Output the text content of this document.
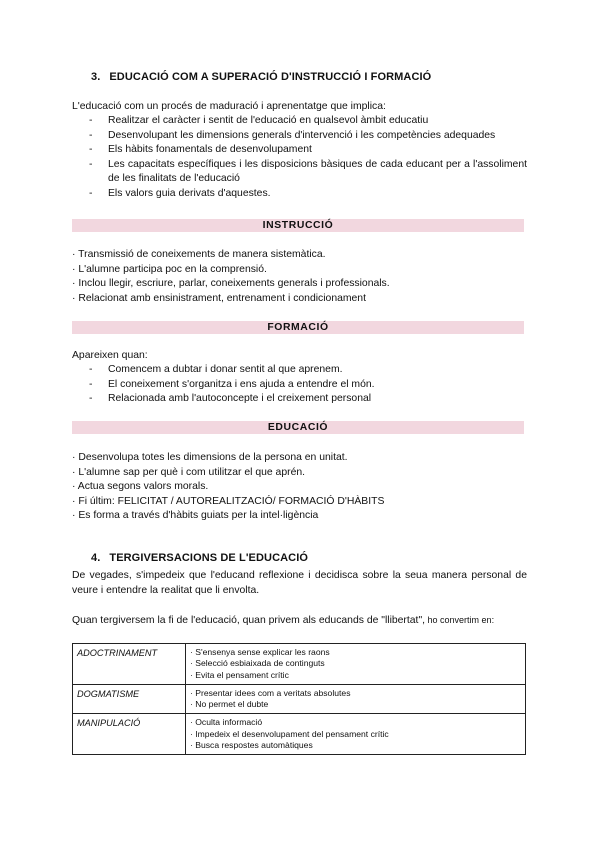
3. EDUCACIÓ COM A SUPERACIÓ D'INSTRUCCIÓ I FORMACIÓ
L'educació com un procés de maduració i aprenentatge que implica:
- Realitzar el caràcter i sentit de l'educació en qualsevol àmbit educatiu
- Desenvolupant les dimensions generals d'intervenció i les competències adequades
- Els hàbits fonamentals de desenvolupament
- Les capacitats específiques i les disposicions bàsiques de cada educant per a l'assoliment de les finalitats de l'educació
- Els valors guia derivats d'aquestes.
INSTRUCCIÓ
· Transmissió de coneixements de manera sistemàtica.
· L'alumne participa poc en la comprensió.
· Inclou llegir, escriure, parlar, coneixements generals i professionals.
· Relacionat amb ensinistrament, entrenament i condicionament
FORMACIÓ
Apareixen quan:
- Comencem a dubtar i donar sentit al que aprenem.
- El coneixement s'organitza i ens ajuda a entendre el món.
- Relacionada amb l'autoconcepte i el creixement personal
EDUCACIÓ
· Desenvolupa totes les dimensions de la persona en unitat.
· L'alumne sap per què i com utilitzar el que aprén.
· Actua segons valors morals.
· Fi últim: FELICITAT / AUTOREALITZACIÓ/ FORMACIÓ D'HÀBITS
· Es forma a través d'hàbits guiats per la intel·ligència
4. TERGIVERSACIONS DE L'EDUCACIÓ
De vegades, s'impedeix que l'educand reflexione i decidisca sobre la seua manera personal de veure i entendre la realitat que li envolta.
Quan tergiversem la fi de l'educació, quan privem als educands de "llibertat", ho convertim en:
ADOCTRINAMENT	· S'ensenya sense explicar les raons
· Selecció esbiaixada de continguts
· Evita el pensament crític

DOGMATISME	· Presentar idees com a veritats absolutes
· No permet el dubte

MANIPULACIÓ	· Oculta informació
· Impedeix el desenvolupament del pensament crític
· Busca respostes automàtiques
